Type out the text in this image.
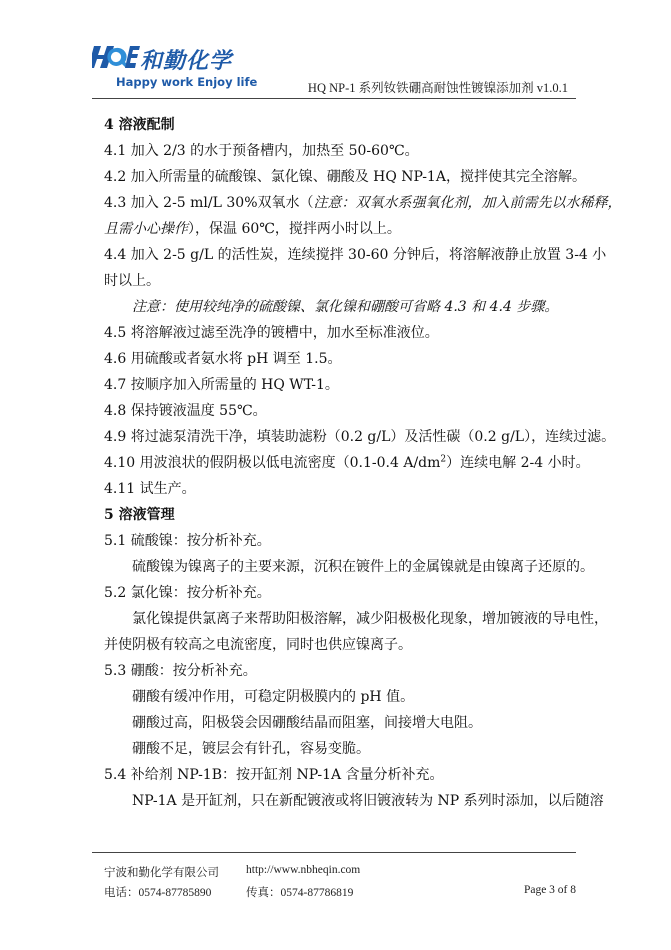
和勤化学
Happy work Enjoy life	HQ NP-1 系列钕铁硼高耐蚀性镀镍添加剂 v1.0.1
4 溶液配制
4.1 加入 2/3 的水于预备槽内，加热至 50-60℃。
4.2 加入所需量的硫酸镍、氯化镍、硼酸及 HQ NP-1A，搅拌使其完全溶解。
4.3 加入 2-5 ml/L 30%双氧水（注意：双氧水系强氧化剂，加入前需先以水稀释，
且需小心操作），保温 60℃，搅拌两小时以上。
4.4 加入 2-5 g/L 的活性炭，连续搅拌 30-60 分钟后，将溶解液静止放置 3-4 小
时以上。
注意：使用较纯净的硫酸镍、氯化镍和硼酸可省略 4.3 和 4.4 步骤。
4.5 将溶解液过滤至洗净的镀槽中，加水至标准液位。
4.6 用硫酸或者氨水将 pH 调至 1.5。
4.7 按顺序加入所需量的 HQ WT-1。
4.8 保持镀液温度 55℃。
4.9 将过滤泵清洗干净，填装助滤粉（0.2 g/L）及活性碳（0.2 g/L），连续过滤。
4.10 用波浪状的假阴极以低电流密度（0.1-0.4 $A/dm^2$）连续电解 2-4 小时。
4.11 试生产。
5 溶液管理
5.1 硫酸镍：按分析补充。
硫酸镍为镍离子的主要来源，沉积在镀件上的金属镍就是由镍离子还原的。
5.2 氯化镍：按分析补充。
氯化镍提供氯离子来帮助阳极溶解，减少阳极极化现象，增加镀液的导电性，
并使阴极有较高之电流密度，同时也供应镍离子。
5.3 硼酸：按分析补充。
硼酸有缓冲作用，可稳定阴极膜内的 pH 值。
硼酸过高，阳极袋会因硼酸结晶而阻塞，间接增大电阻。
硼酸不足，镀层会有针孔，容易变脆。
5.4 补给剂 NP-1B：按开缸剂 NP-1A 含量分析补充。
NP-1A 是开缸剂，只在新配镀液或将旧镀液转为 NP 系列时添加，以后随溶
宁波和勤化学有限公司 http://www.nbheqin.com
电话：0574-87785890	传真：0574-87786819	Page 3 of 8
